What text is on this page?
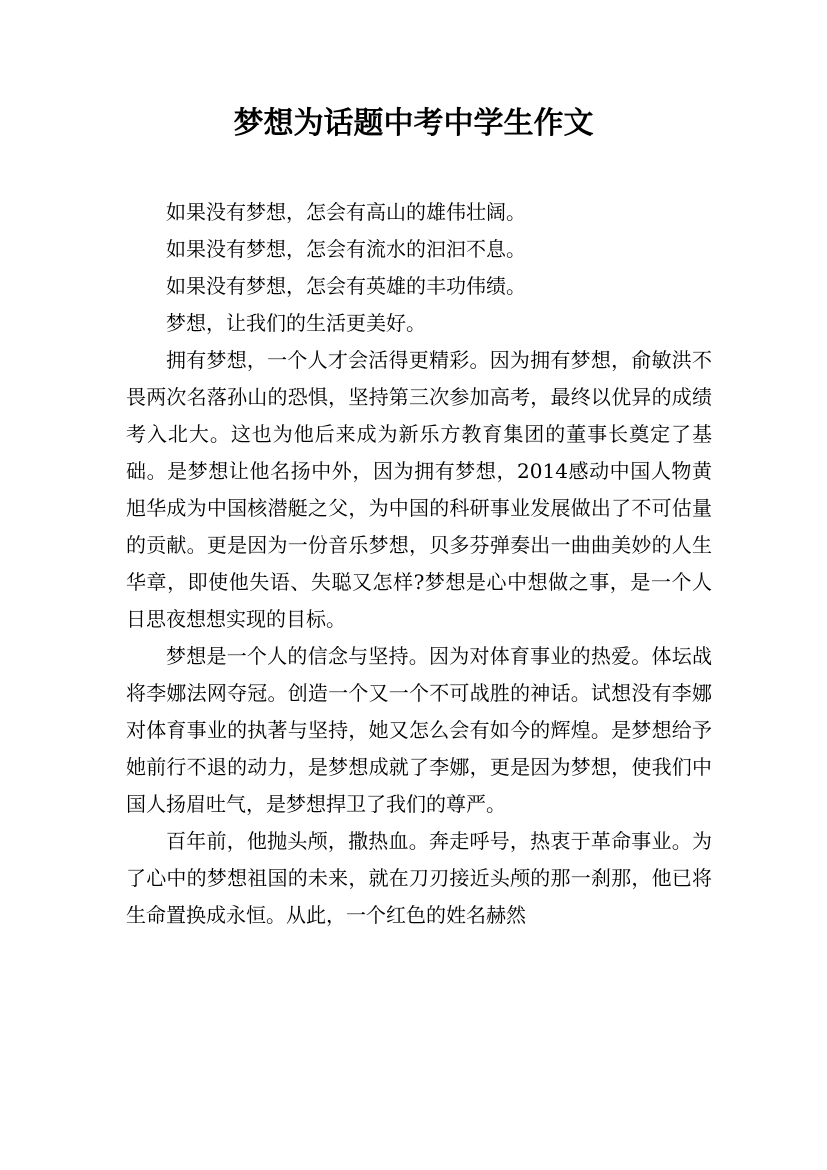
梦想为话题中考中学生作文

如果没有梦想，怎会有高山的雄伟壮阔。

如果没有梦想，怎会有流水的汩汩不息。

如果没有梦想，怎会有英雄的丰功伟绩。

梦想，让我们的生活更美好。

拥有梦想，一个人才会活得更精彩。因为拥有梦想，俞敏洪不畏两次名落孙山的恐惧，坚持第三次参加高考，最终以优异的成绩考入北大。这也为他后来成为新乐方教育集团的董事长奠定了基础。是梦想让他名扬中外，因为拥有梦想，2014感动中国人物黄旭华成为中国核潜艇之父，为中国的科研事业发展做出了不可估量的贡献。更是因为一份音乐梦想，贝多芬弹奏出一曲曲美妙的人生华章，即使他失语、失聪又怎样?梦想是心中想做之事，是一个人日思夜想想实现的目标。

梦想是一个人的信念与坚持。因为对体育事业的热爱。体坛战将李娜法网夺冠。创造一个又一个不可战胜的神话。试想没有李娜对体育事业的执著与坚持，她又怎么会有如今的辉煌。是梦想给予她前行不退的动力，是梦想成就了李娜，更是因为梦想，使我们中国人扬眉吐气，是梦想捍卫了我们的尊严。

百年前，他抛头颅，撒热血。奔走呼号，热衷于革命事业。为了心中的梦想祖国的未来，就在刀刃接近头颅的那一刹那，他已将生命置换成永恒。从此，一个红色的姓名赫然
